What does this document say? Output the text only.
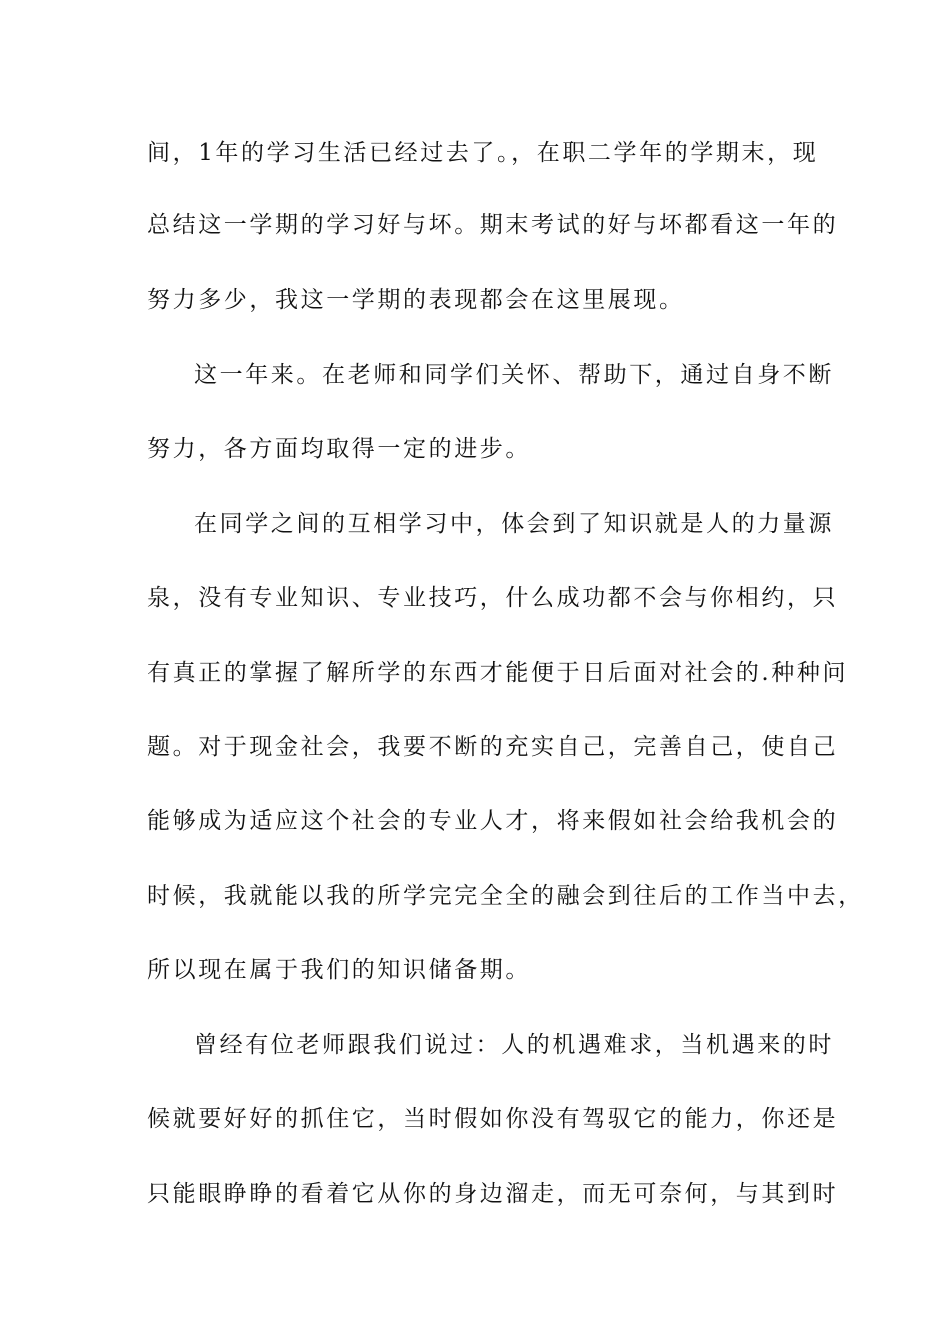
间，1年的学习生活已经过去了。，在职二学年的学期末，现
总结这一学期的学习好与坏。期末考试的好与坏都看这一年的
努力多少，我这一学期的表现都会在这里展现。
这一年来。在老师和同学们关怀、帮助下，通过自身不断
努力，各方面均取得一定的进步。
在同学之间的互相学习中，体会到了知识就是人的力量源
泉，没有专业知识、专业技巧，什么成功都不会与你相约，只
有真正的掌握了解所学的东西才能便于日后面对社会的.种种问
题。对于现金社会，我要不断的充实自己，完善自己，使自己
能够成为适应这个社会的专业人才，将来假如社会给我机会的
时候，我就能以我的所学完完全全的融会到往后的工作当中去，
所以现在属于我们的知识储备期。
曾经有位老师跟我们说过：人的机遇难求，当机遇来的时
候就要好好的抓住它，当时假如你没有驾驭它的能力，你还是
只能眼睁睁的看着它从你的身边溜走，而无可奈何，与其到时
